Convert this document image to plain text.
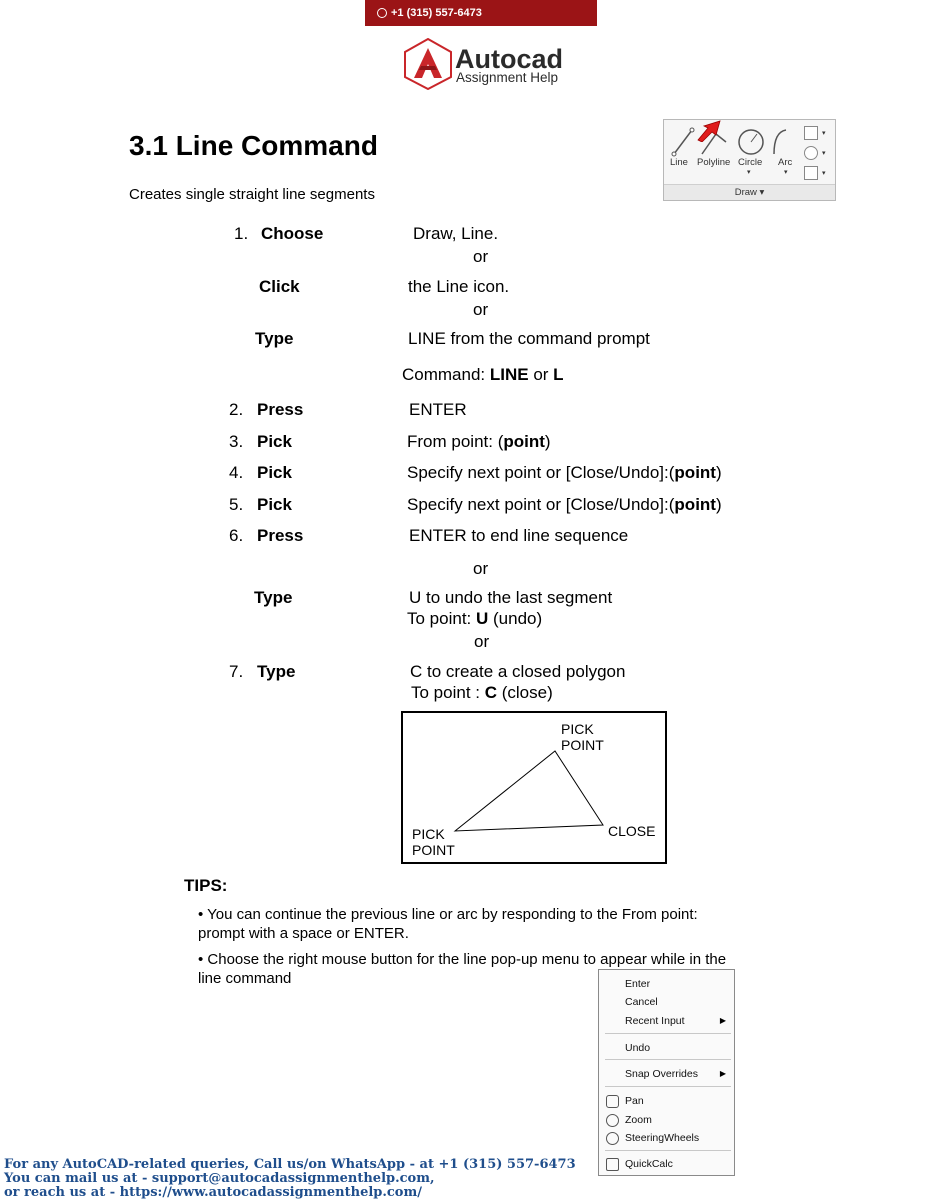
+1 (315) 557-6473
Autocad
Assignment Help
3.1 Line Command
Creates single straight line segments
Line Polyline Circle Arc
▾	▾
▾
▾
▾
Draw ▾
1. Choose	Draw, Line.
or
Click	the Line icon.
or
Type	LINE from the command prompt
Command: LINE or L
2. Press	ENTER
3. Pick	From point: (point)
4. Pick	Specify next point or [Close/Undo]:(point)
5. Pick	Specify next point or [Close/Undo]:(point)
6. Press	ENTER to end line sequence
or
Type	U to undo the last segment
To point: U (undo)
or
7. Type	C to create a closed polygon
To point : C (close)
PICK
POINT
PICK
POINT
CLOSE
TIPS:
• You can continue the previous line or arc by responding to the From point:
prompt with a space or ENTER.
• Choose the right mouse button for the line pop-up menu to appear while in the
line command	Enter
Cancel
Recent Input	▶
Undo
Snap Overrides	▶
Pan
Zoom
SteeringWheels
QuickCalc
For any AutoCAD-related queries, Call us/on WhatsApp - at +1 (315) 557-6473
You can mail us at - support@autocadassignmenthelp.com,
or reach us at - https://www.autocadassignmenthelp.com/
